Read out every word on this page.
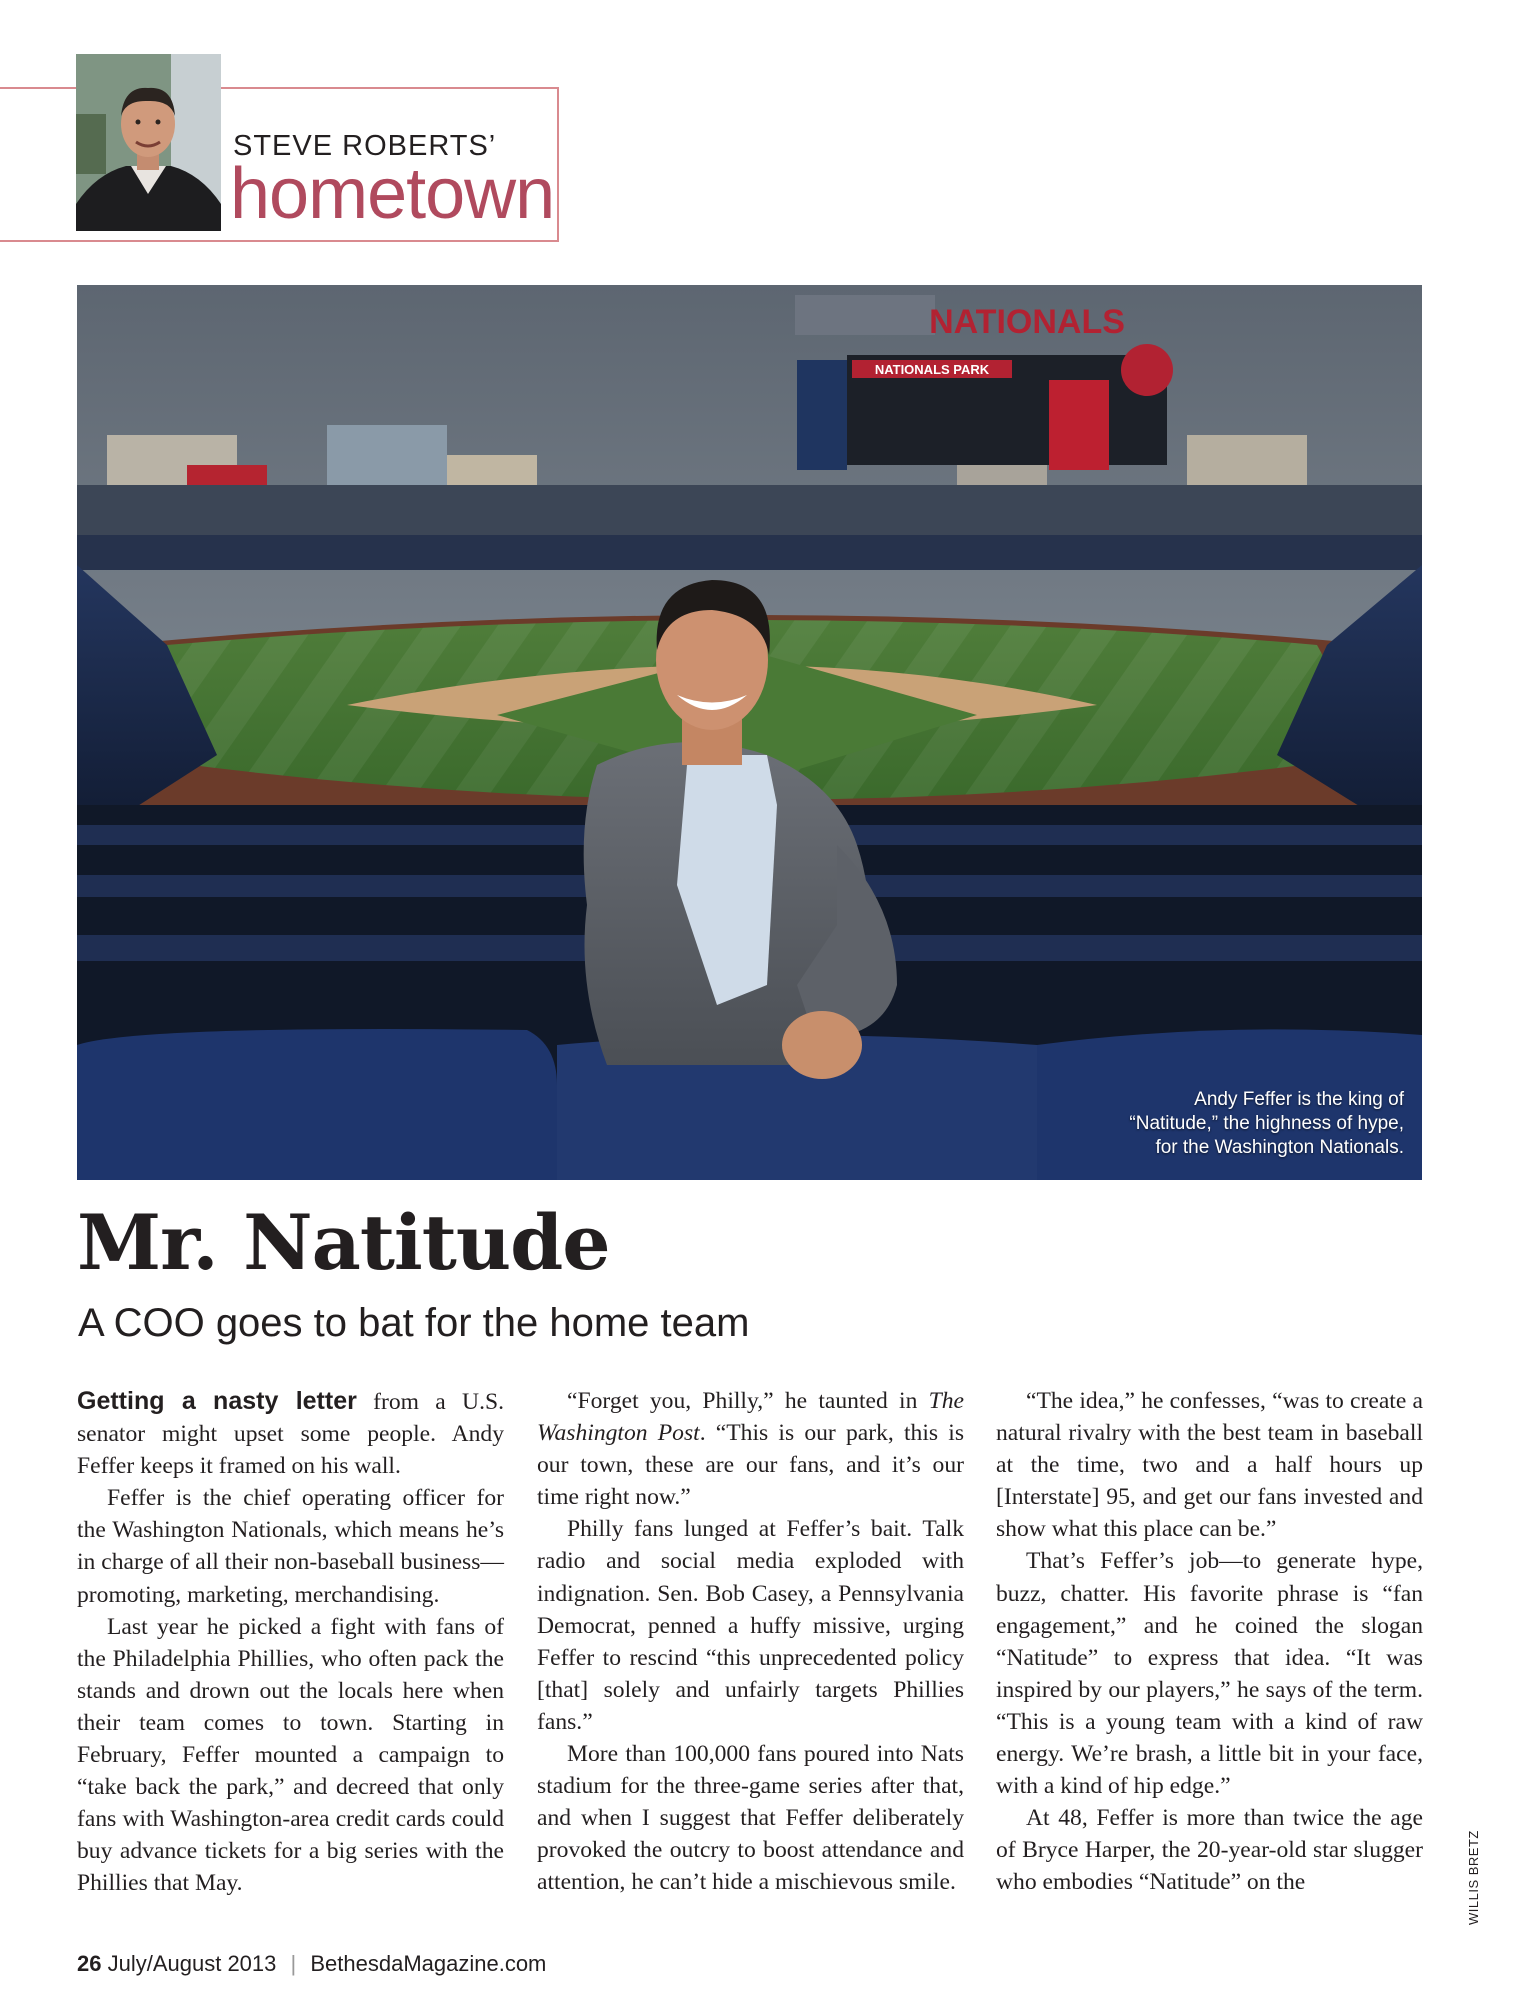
STEVE ROBERTS’
hometown
NATIONALS PARK
NATIONALS
Andy Feffer is the king of “Natitude,” the highness of hype, for the Washington Nationals.
WILLIS BRETZ
Mr. Natitude
A COO goes to bat for the home team

Getting a nasty letter from a U.S. senator might upset some people. Andy Feffer keeps it framed on his wall.

Feffer is the chief operating officer for the Washington Nationals, which means he’s in charge of all their non-baseball business—promoting, marketing, merchandising.

Last year he picked a fight with fans of the Philadelphia Phillies, who often pack the stands and drown out the locals here when their team comes to town. Starting in February, Feffer mounted a campaign to “take back the park,” and decreed that only fans with Washington-area credit cards could buy advance tickets for a big series with the Phillies that May.

“Forget you, Philly,” he taunted in The Washington Post. “This is our park, this is our town, these are our fans, and it’s our time right now.”

Philly fans lunged at Feffer’s bait. Talk radio and social media exploded with indignation. Sen. Bob Casey, a Pennsylvania Democrat, penned a huffy missive, urging Feffer to rescind “this unprecedented policy [that] solely and unfairly targets Phillies fans.”

More than 100,000 fans poured into Nats stadium for the three-game series after that, and when I suggest that Feffer deliberately provoked the outcry to boost attendance and attention, he can’t hide a mischievous smile.

“The idea,” he confesses, “was to create a natural rivalry with the best team in baseball at the time, two and a half hours up [Interstate] 95, and get our fans invested and show what this place can be.”

That’s Feffer’s job—to generate hype, buzz, chatter. His favorite phrase is “fan engagement,” and he coined the slogan “Natitude” to express that idea. “It was inspired by our players,” he says of the term. “This is a young team with a kind of raw energy. We’re brash, a little bit in your face, with a kind of hip edge.”

At 48, Feffer is more than twice the age of Bryce Harper, the 20-year-old star slugger who embodies “Natitude” on the

26 July/August 2013 | BethesdaMagazine.com
